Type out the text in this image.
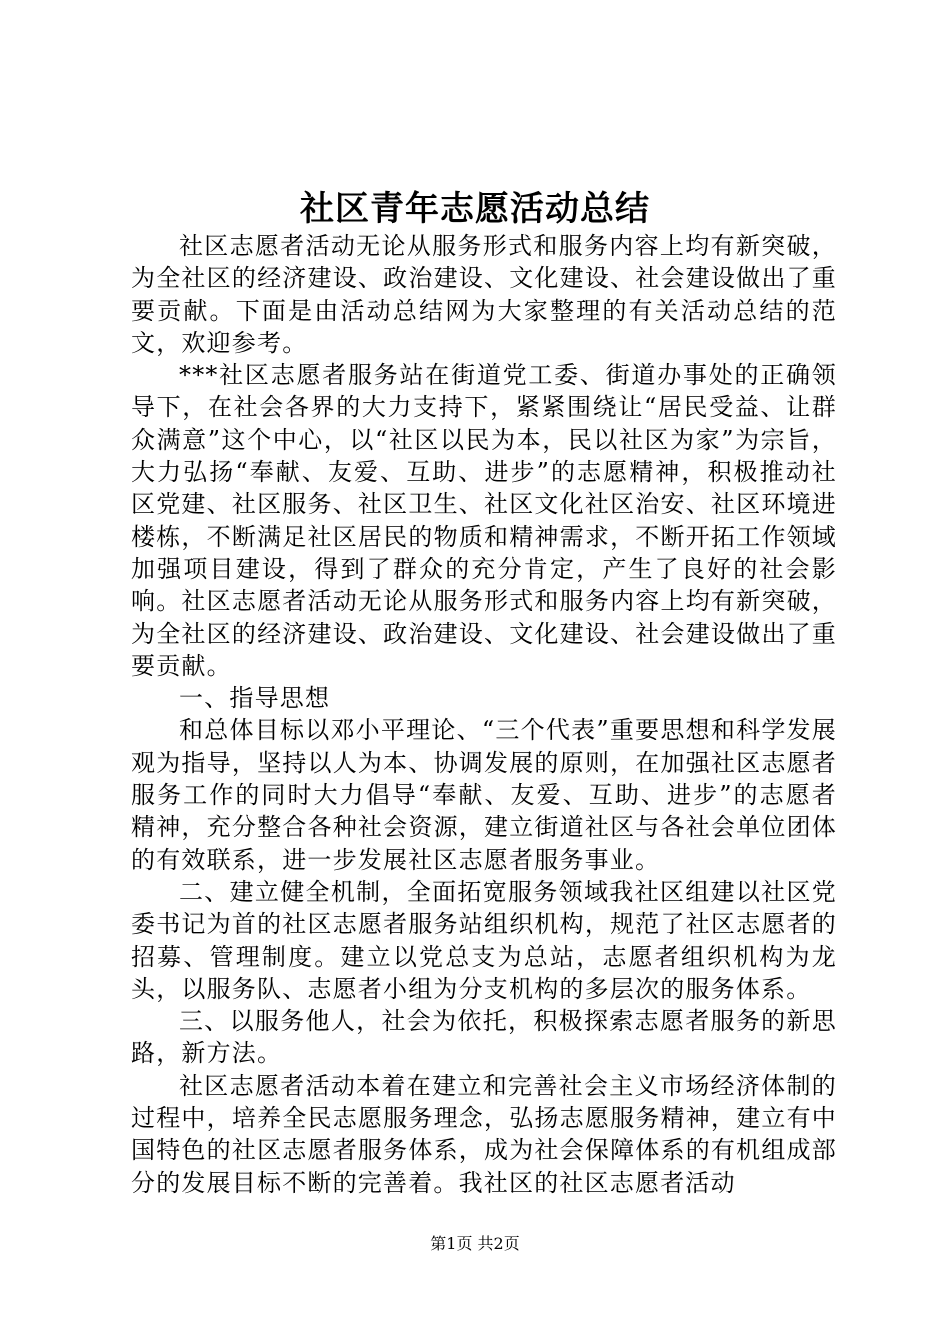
社区青年志愿活动总结

社区志愿者活动无论从服务形式和服务内容上均有新突破，为全社区的经济建设、政治建设、文化建设、社会建设做出了重要贡献。下面是由活动总结网为大家整理的有关活动总结的范文，欢迎参考。

***社区志愿者服务站在街道党工委、街道办事处的正确领导下，在社会各界的大力支持下，紧紧围绕让“居民受益、让群众满意”这个中心，以“社区以民为本，民以社区为家”为宗旨，大力弘扬“奉献、友爱、互助、进步”的志愿精神，积极推动社区党建、社区服务、社区卫生、社区文化社区治安、社区环境进楼栋，不断满足社区居民的物质和精神需求，不断开拓工作领域加强项目建设，得到了群众的充分肯定，产生了良好的社会影响。社区志愿者活动无论从服务形式和服务内容上均有新突破，为全社区的经济建设、政治建设、文化建设、社会建设做出了重要贡献。

一、指导思想

和总体目标以邓小平理论、“三个代表”重要思想和科学发展观为指导，坚持以人为本、协调发展的原则，在加强社区志愿者服务工作的同时大力倡导“奉献、友爱、互助、进步”的志愿者精神，充分整合各种社会资源，建立街道社区与各社会单位团体的有效联系，进一步发展社区志愿者服务事业。

二、建立健全机制，全面拓宽服务领域我社区组建以社区党委书记为首的社区志愿者服务站组织机构，规范了社区志愿者的招募、管理制度。建立以党总支为总站，志愿者组织机构为龙头，以服务队、志愿者小组为分支机构的多层次的服务体系。

三、以服务他人，社会为依托，积极探索志愿者服务的新思路，新方法。

社区志愿者活动本着在建立和完善社会主义市场经济体制的过程中，培养全民志愿服务理念，弘扬志愿服务精神，建立有中国特色的社区志愿者服务体系，成为社会保障体系的有机组成部分的发展目标不断的完善着。我社区的社区志愿者活动

第1页 共2页
